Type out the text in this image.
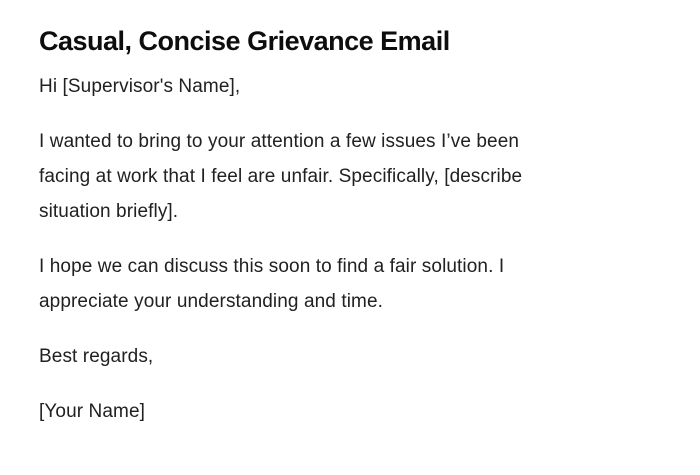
Casual, Concise Grievance Email

Hi [Supervisor's Name],

I wanted to bring to your attention a few issues I’ve been
facing at work that I feel are unfair. Specifically, [describe
situation briefly].

I hope we can discuss this soon to find a fair solution. I
appreciate your understanding and time.

Best regards,

[Your Name]
